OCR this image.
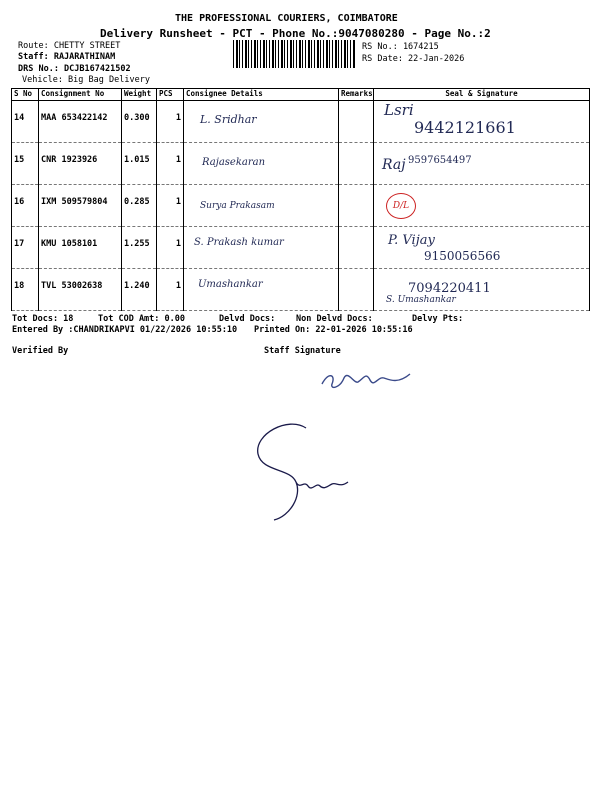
THE PROFESSIONAL COURIERS, COIMBATORE
Delivery Runsheet - PCT - Phone No.:9047080280 - Page No.:2
Route: CHETTY STREET
Staff: RAJARATHINAM
DRS No.: DCJB167421502
Vehicle: Big Bag Delivery
RS No.: 1674215
RS Date: 22-Jan-2026
S No	Consignment No	Weight	PCS	Consignee Details	Remarks	Seal & Signature
14	MAA 653422142	0.300	1	L. Sridhar		Lsri
9442121661

15	CNR 1923926	1.015	1	Rajasekaran		Raj 9597654497

16	IXM 509579804	0.285	1	Surya Prakasam		D/L

17	KMU 1058101	1.255	1	S. Prakash kumar		P. Vijay
9150056566

18	TVL 53002638	1.240	1	Umashankar		7094220411
S. Umashankar
Tot Docs: 18	Tot COD Amt: 0.00	Delvd Docs: Non Delvd Docs:	Delvy Pts:
Entered By :CHANDRIKAPVI 01/22/2026 10:55:10 Printed On: 22-01-2026 10:55:16
Verified By	Staff Signature
